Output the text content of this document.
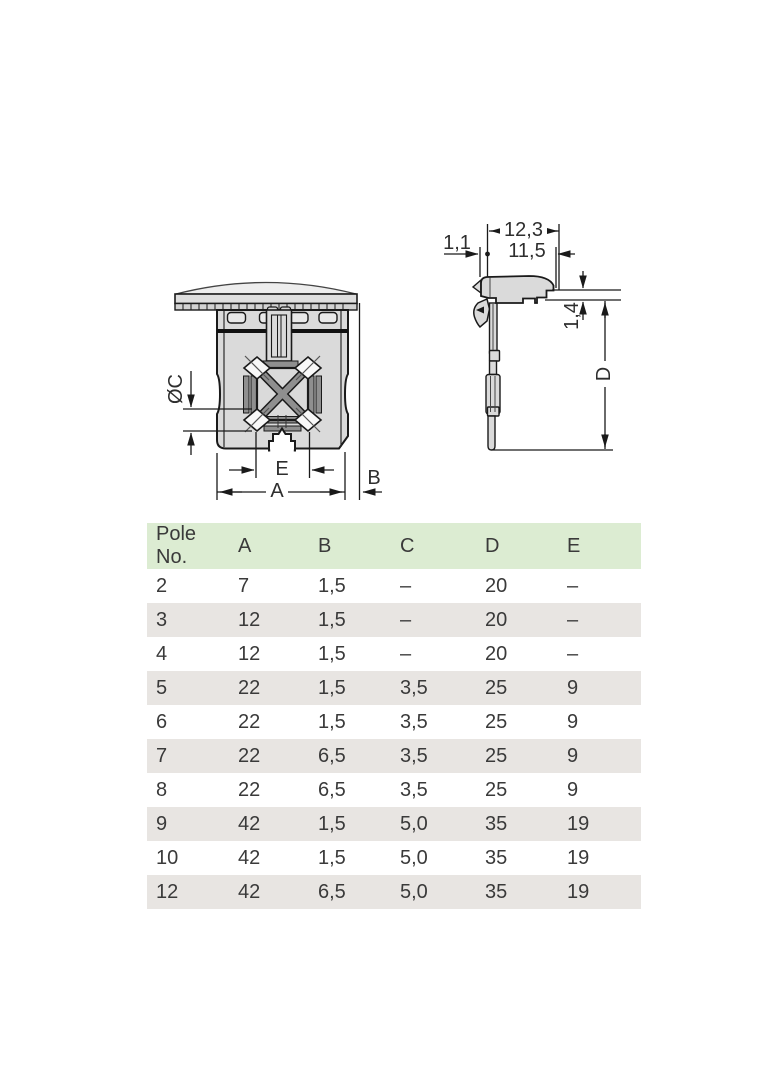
ØC
E
A
B
1,1
12,3
11,5
1,4
D
Pole No.	A	B	C	D	E
2	7	1,5	–	20	–
3	12	1,5	–	20	–
4	12	1,5	–	20	–
5	22	1,5	3,5	25	9
6	22	1,5	3,5	25	9
7	22	6,5	3,5	25	9
8	22	6,5	3,5	25	9
9	42	1,5	5,0	35	19
10	42	1,5	5,0	35	19
12	42	6,5	5,0	35	19
